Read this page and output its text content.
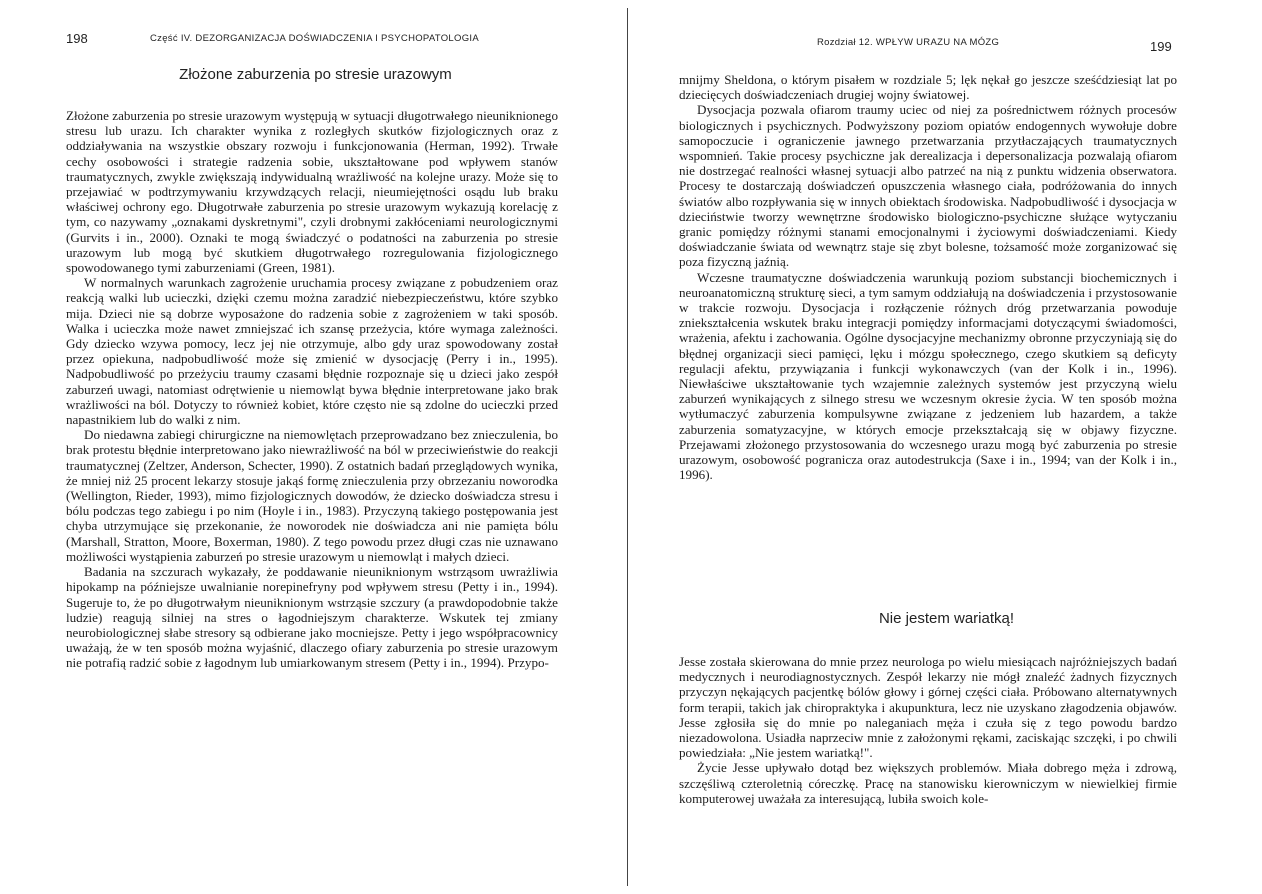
198	Część IV. DEZORGANIZACJA DOŚWIADCZENIA I PSYCHOPATOLOGIA
Złożone zaburzenia po stresie urazowym

Złożone zaburzenia po stresie urazowym występują w sytuacji długotrwałego nieuniknionego stresu lub urazu. Ich charakter wynika z rozległych skutków fizjologicznych oraz z oddziaływania na wszystkie obszary rozwoju i funkcjonowania (Herman, 1992). Trwałe cechy osobowości i strategie radzenia sobie, ukształtowane pod wpływem stanów traumatycznych, zwykle zwiększają indywidualną wrażliwość na kolejne urazy. Może się to przejawiać w podtrzymywaniu krzywdzących relacji, nieumiejętności osądu lub braku właściwej ochrony ego. Długotrwałe zaburzenia po stresie urazowym wykazują korelację z tym, co nazywamy „oznakami dyskretnymi", czyli drobnymi zakłóceniami neurologicznymi (Gurvits i in., 2000). Oznaki te mogą świadczyć o podatności na zaburzenia po stresie urazowym lub mogą być skutkiem długotrwałego rozregulowania fizjologicznego spowodowanego tymi zaburzeniami (Green, 1981).

W normalnych warunkach zagrożenie uruchamia procesy związane z pobudzeniem oraz reakcją walki lub ucieczki, dzięki czemu można zaradzić niebezpieczeństwu, które szybko mija. Dzieci nie są dobrze wyposażone do radzenia sobie z zagrożeniem w taki sposób. Walka i ucieczka może nawet zmniejszać ich szansę przeżycia, które wymaga zależności. Gdy dziecko wzywa pomocy, lecz jej nie otrzymuje, albo gdy uraz spowodowany został przez opiekuna, nadpobudliwość może się zmienić w dysocjację (Perry i in., 1995). Nadpobudliwość po przeżyciu traumy czasami błędnie rozpoznaje się u dzieci jako zespół zaburzeń uwagi, natomiast odrętwienie u niemowląt bywa błędnie interpretowane jako brak wrażliwości na ból. Dotyczy to również kobiet, które często nie są zdolne do ucieczki przed napastnikiem lub do walki z nim.

Do niedawna zabiegi chirurgiczne na niemowlętach przeprowadzano bez znieczulenia, bo brak protestu błędnie interpretowano jako niewrażliwość na ból w przeciwieństwie do reakcji traumatycznej (Zeltzer, Anderson, Schecter, 1990). Z ostatnich badań przeglądowych wynika, że mniej niż 25 procent lekarzy stosuje jakąś formę znieczulenia przy obrzezaniu noworodka (Wellington, Rieder, 1993), mimo fizjologicznych dowodów, że dziecko doświadcza stresu i bólu podczas tego zabiegu i po nim (Hoyle i in., 1983). Przyczyną takiego postępowania jest chyba utrzymujące się przekonanie, że noworodek nie doświadcza ani nie pamięta bólu (Marshall, Stratton, Moore, Boxerman, 1980). Z tego powodu przez długi czas nie uznawano możliwości wystąpienia zaburzeń po stresie urazowym u niemowląt i małych dzieci.

Badania na szczurach wykazały, że poddawanie nieuniknionym wstrząsom uwrażliwia hipokamp na późniejsze uwalnianie norepinefryny pod wpływem stresu (Petty i in., 1994). Sugeruje to, że po długotrwałym nieuniknionym wstrząsie szczury (a prawdopodobnie także ludzie) reagują silniej na stres o łagodniejszym charakterze. Wskutek tej zmiany neurobiologicznej słabe stresory są odbierane jako mocniejsze. Petty i jego współpracownicy uważają, że w ten sposób można wyjaśnić, dlaczego ofiary zaburzenia po stresie urazowym nie potrafią radzić sobie z łagodnym lub umiarkowanym stresem (Petty i in., 1994). Przypo-

Rozdział 12. WPŁYW URAZU NA MÓZG	199

mnijmy Sheldona, o którym pisałem w rozdziale 5; lęk nękał go jeszcze sześćdziesiąt lat po dziecięcych doświadczeniach drugiej wojny światowej.

Dysocjacja pozwala ofiarom traumy uciec od niej za pośrednictwem różnych procesów biologicznych i psychicznych. Podwyższony poziom opiatów endogennych wywołuje dobre samopoczucie i ograniczenie jawnego przetwarzania przytłaczających traumatycznych wspomnień. Takie procesy psychiczne jak derealizacja i depersonalizacja pozwalają ofiarom nie dostrzegać realności własnej sytuacji albo patrzeć na nią z punktu widzenia obserwatora. Procesy te dostarczają doświadczeń opuszczenia własnego ciała, podróżowania do innych światów albo rozpływania się w innych obiektach środowiska. Nadpobudliwość i dysocjacja w dzieciństwie tworzy wewnętrzne środowisko biologiczno-psychiczne służące wytyczaniu granic pomiędzy różnymi stanami emocjonalnymi i życiowymi doświadczeniami. Kiedy doświadczanie świata od wewnątrz staje się zbyt bolesne, tożsamość może zorganizować się poza fizyczną jaźnią.

Wczesne traumatyczne doświadczenia warunkują poziom substancji biochemicznych i neuroanatomiczną strukturę sieci, a tym samym oddziałują na doświadczenia i przystosowanie w trakcie rozwoju. Dysocjacja i rozłączenie różnych dróg przetwarzania powoduje zniekształcenia wskutek braku integracji pomiędzy informacjami dotyczącymi świadomości, wrażenia, afektu i zachowania. Ogólne dysocjacyjne mechanizmy obronne przyczyniają się do błędnej organizacji sieci pamięci, lęku i mózgu społecznego, czego skutkiem są deficyty regulacji afektu, przywiązania i funkcji wykonawczych (van der Kolk i in., 1996). Niewłaściwe ukształtowanie tych wzajemnie zależnych systemów jest przyczyną wielu zaburzeń wynikających z silnego stresu we wczesnym okresie życia. W ten sposób można wytłumaczyć zaburzenia kompulsywne związane z jedzeniem lub hazardem, a także zaburzenia somatyzacyjne, w których emocje przekształcają się w objawy fizyczne. Przejawami złożonego przystosowania do wczesnego urazu mogą być zaburzenia po stresie urazowym, osobowość pogranicza oraz autodestrukcja (Saxe i in., 1994; van der Kolk i in., 1996).

Nie jestem wariatką!

Jesse została skierowana do mnie przez neurologa po wielu miesiącach najróżniejszych badań medycznych i neurodiagnostycznych. Zespół lekarzy nie mógł znaleźć żadnych fizycznych przyczyn nękających pacjentkę bólów głowy i górnej części ciała. Próbowano alternatywnych form terapii, takich jak chiropraktyka i akupunktura, lecz nie uzyskano złagodzenia objawów. Jesse zgłosiła się do mnie po naleganiach męża i czuła się z tego powodu bardzo niezadowolona. Usiadła naprzeciw mnie z założonymi rękami, zaciskając szczęki, i po chwili powiedziała: „Nie jestem wariatką!".

Życie Jesse upływało dotąd bez większych problemów. Miała dobrego męża i zdrową, szczęśliwą czteroletnią córeczkę. Pracę na stanowisku kierowniczym w niewielkiej firmie komputerowej uważała za interesującą, lubiła swoich kole-
